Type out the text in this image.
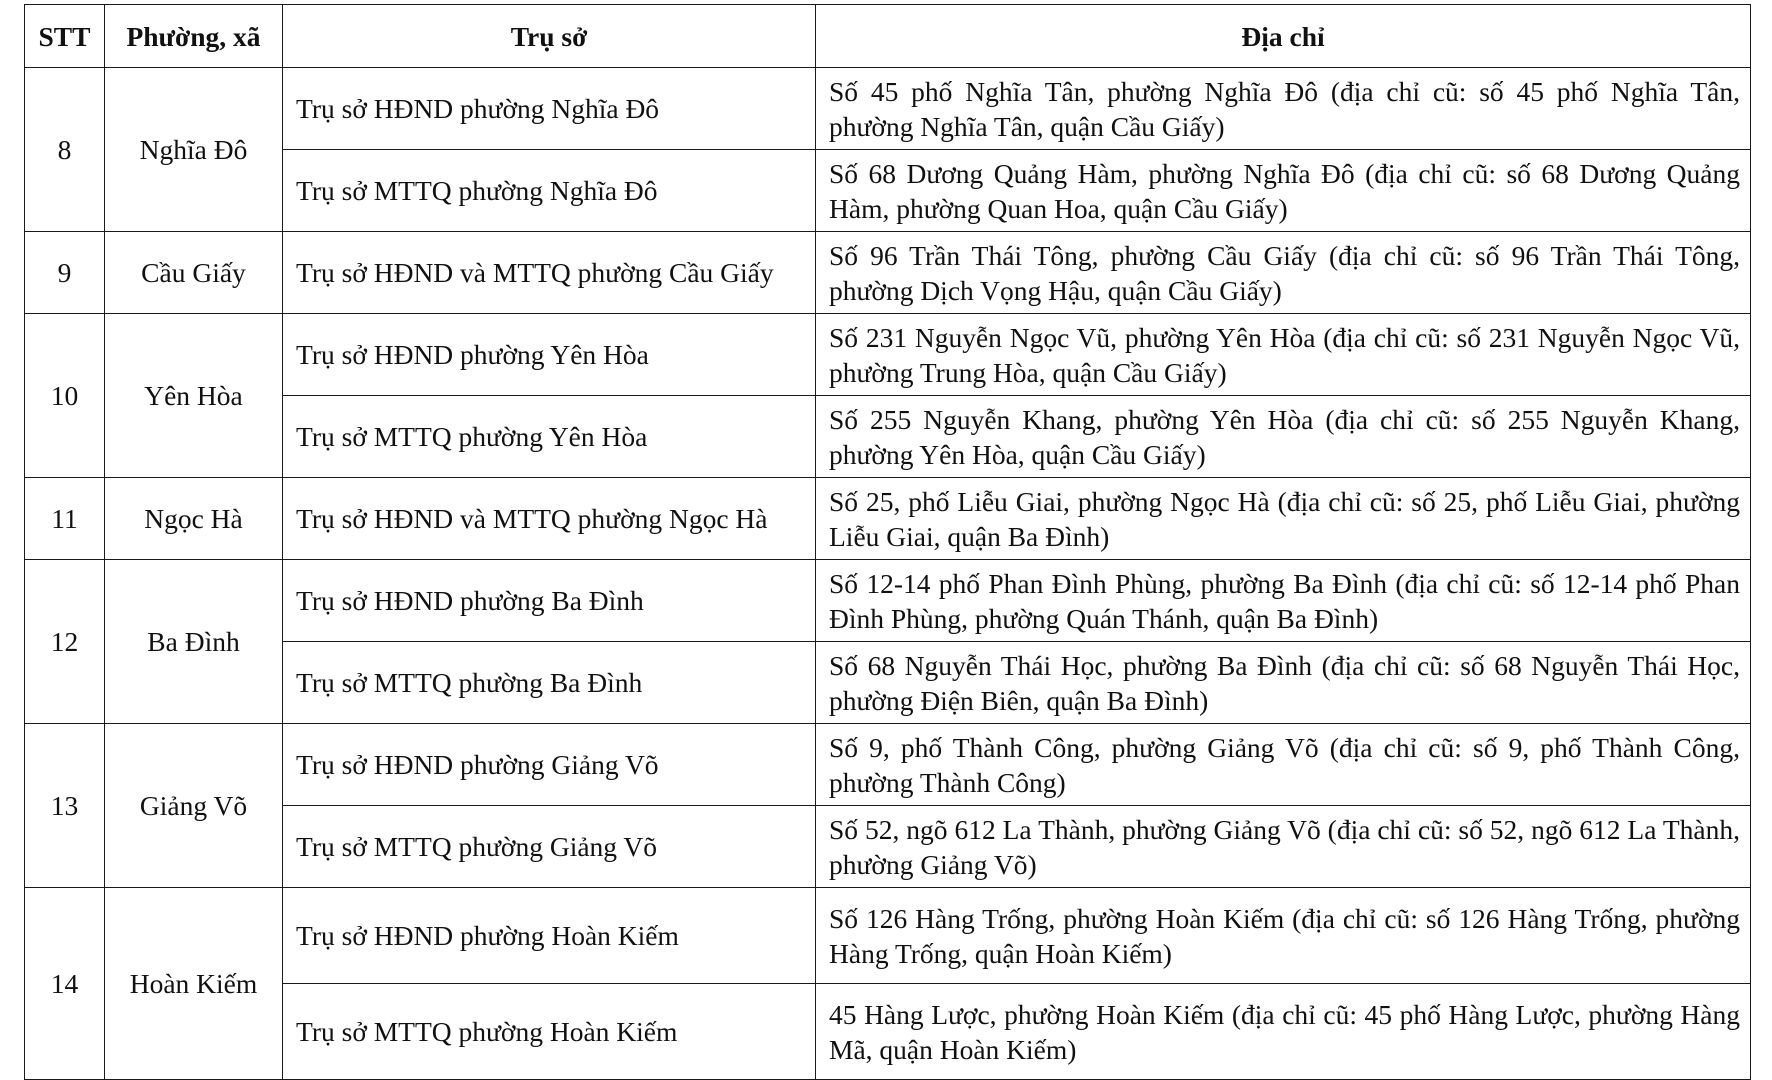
STT	Phường, xã	Trụ sở	Địa chỉ
8	Nghĩa Đô	Trụ sở HĐND phường Nghĩa Đô	Số 45 phố Nghĩa Tân, phường Nghĩa Đô (địa chỉ cũ: số 45 phố Nghĩa Tân, phường Nghĩa Tân, quận Cầu Giấy)
		Trụ sở MTTQ phường Nghĩa Đô	Số 68 Dương Quảng Hàm, phường Nghĩa Đô (địa chỉ cũ: số 68 Dương Quảng Hàm, phường Quan Hoa, quận Cầu Giấy)
9	Cầu Giấy	Trụ sở HĐND và MTTQ phường Cầu Giấy	Số 96 Trần Thái Tông, phường Cầu Giấy (địa chỉ cũ: số 96 Trần Thái Tông, phường Dịch Vọng Hậu, quận Cầu Giấy)
10	Yên Hòa	Trụ sở HĐND phường Yên Hòa	Số 231 Nguyễn Ngọc Vũ, phường Yên Hòa (địa chỉ cũ: số 231 Nguyễn Ngọc Vũ, phường Trung Hòa, quận Cầu Giấy)
		Trụ sở MTTQ phường Yên Hòa	Số 255 Nguyễn Khang, phường Yên Hòa (địa chỉ cũ: số 255 Nguyễn Khang, phường Yên Hòa, quận Cầu Giấy)
11	Ngọc Hà	Trụ sở HĐND và MTTQ phường Ngọc Hà	Số 25, phố Liễu Giai, phường Ngọc Hà (địa chỉ cũ: số 25, phố Liễu Giai, phường Liễu Giai, quận Ba Đình)
12	Ba Đình	Trụ sở HĐND phường Ba Đình	Số 12-14 phố Phan Đình Phùng, phường Ba Đình (địa chỉ cũ: số 12-14 phố Phan Đình Phùng, phường Quán Thánh, quận Ba Đình)
		Trụ sở MTTQ phường Ba Đình	Số 68 Nguyễn Thái Học, phường Ba Đình (địa chỉ cũ: số 68 Nguyễn Thái Học, phường Điện Biên, quận Ba Đình)
13	Giảng Võ	Trụ sở HĐND phường Giảng Võ	Số 9, phố Thành Công, phường Giảng Võ (địa chỉ cũ: số 9, phố Thành Công, phường Thành Công)
		Trụ sở MTTQ phường Giảng Võ	Số 52, ngõ 612 La Thành, phường Giảng Võ (địa chỉ cũ: số 52, ngõ 612 La Thành, phường Giảng Võ)
14	Hoàn Kiếm	Trụ sở HĐND phường Hoàn Kiếm	Số 126 Hàng Trống, phường Hoàn Kiếm (địa chỉ cũ: số 126 Hàng Trống, phường Hàng Trống, quận Hoàn Kiếm)
		Trụ sở MTTQ phường Hoàn Kiếm	45 Hàng Lược, phường Hoàn Kiếm (địa chỉ cũ: 45 phố Hàng Lược, phường Hàng Mã, quận Hoàn Kiếm)
